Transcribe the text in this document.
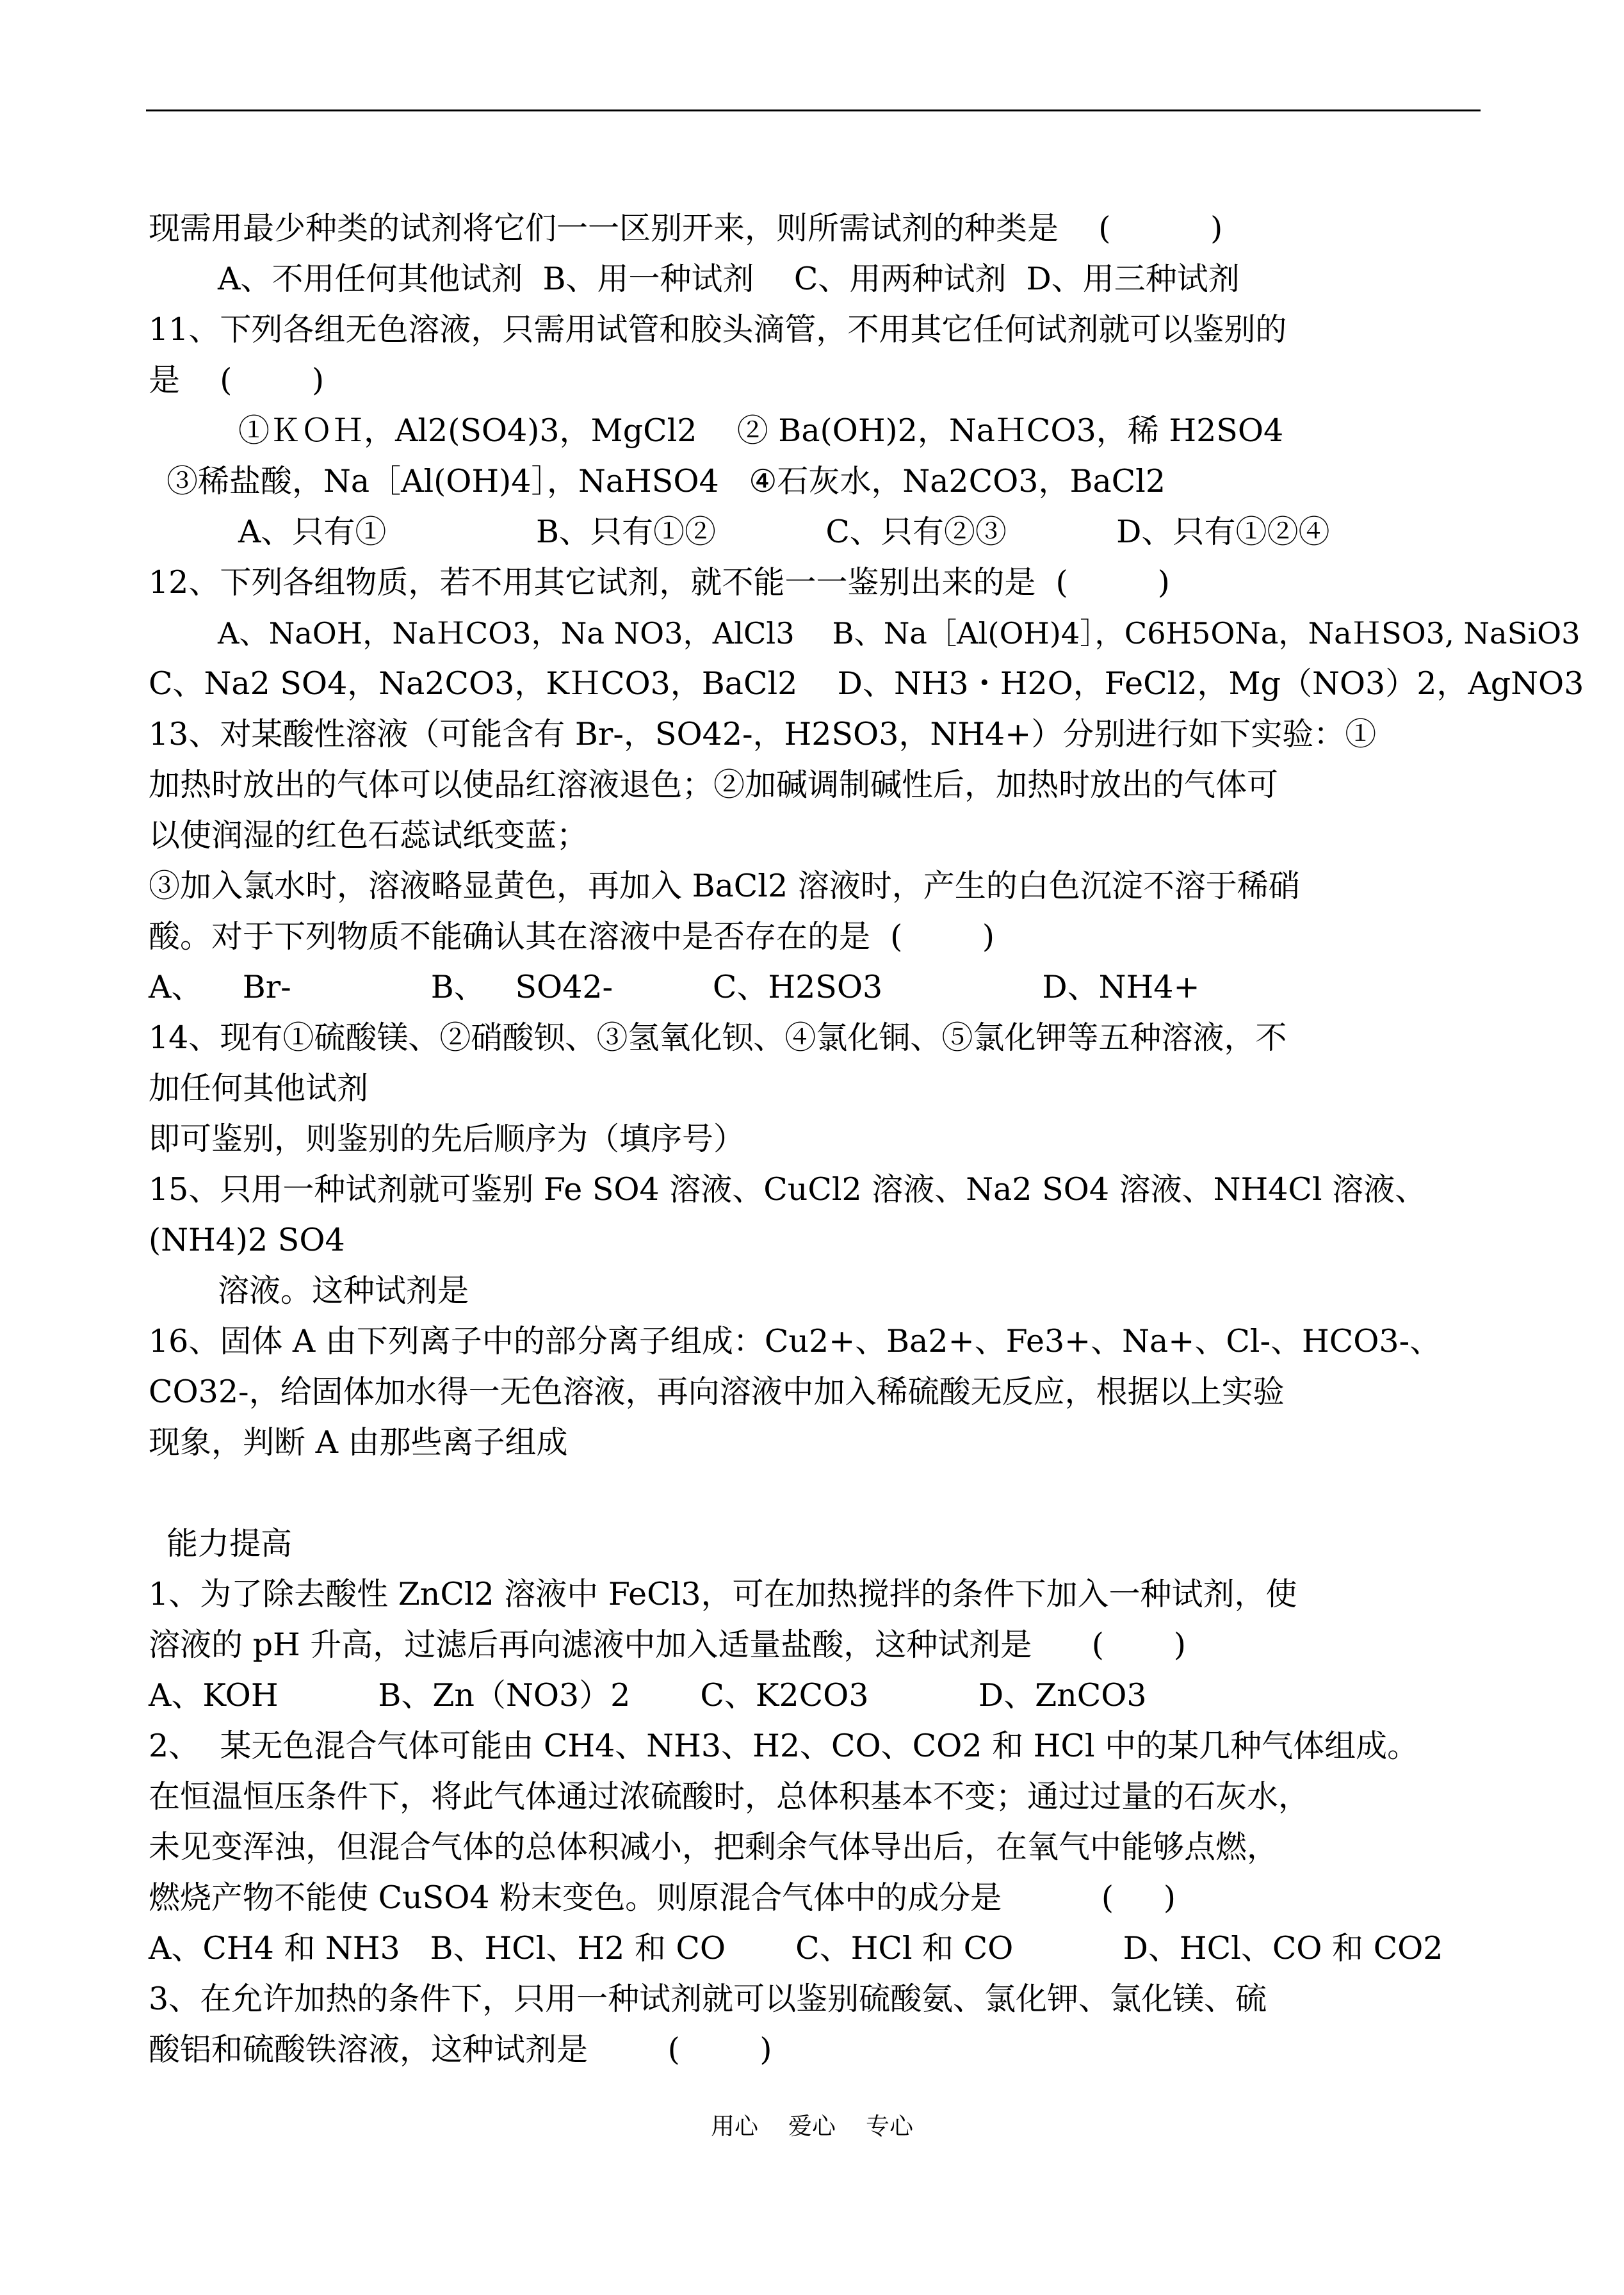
现需用最少种类的试剂将它们一一区别开来，则所需试剂的种类是    (          )
A、不用任何其他试剂  B、用一种试剂    C、用两种试剂  D、用三种试剂
11、下列各组无色溶液，只需用试管和胶头滴管，不用其它任何试剂就可以鉴别的
是    (        )
①ＫＯＨ，Al2(SO4)3，MgCl2    ② Ba(OH)2，NaＨCO3，稀 H2SO4
③稀盐酸，Na［Al(OH)4］，NaHSO4   ④石灰水，Na2CO3，BaCl2
A、只有①               B、只有①②           C、只有②③           D、只有①②④
12、下列各组物质，若不用其它试剂，就不能一一鉴别出来的是  (         )
A、NaOH，NaＨCO3，Na NO3，AlCl3    B、Na［Al(OH)4］，C6H5ONa，NaＨSO3, NaSiO3
C、Na2 SO4，Na2CO3，KＨCO3，BaCl2    D、NH3・H2O，FeCl2，Mg（NO3）2，AgNO3
13、对某酸性溶液（可能含有 Br-，SO42-，H2SO3，NH4+）分别进行如下实验：①
加热时放出的气体可以使品红溶液退色；②加碱调制碱性后，加热时放出的气体可
以使润湿的红色石蕊试纸变蓝；
③加入氯水时，溶液略显黄色，再加入 BaCl2 溶液时，产生的白色沉淀不溶于稀硝
酸。对于下列物质不能确认其在溶液中是否存在的是  (        )
A、    Br-              B、   SO42-          C、H2SO3                D、NH4+
14、现有①硫酸镁、②硝酸钡、③氢氧化钡、④氯化铜、⑤氯化钾等五种溶液，不
加任何其他试剂
即可鉴别，则鉴别的先后顺序为（填序号）
15、只用一种试剂就可鉴别 Fe SO4 溶液、CuCl2 溶液、Na2 SO4 溶液、NH4Cl 溶液、
(NH4)2 SO4
溶液。这种试剂是
16、固体 A 由下列离子中的部分离子组成：Cu2+、Ba2+、Fe3+、Na+、Cl-、HCO3-、
CO32-，给固体加水得一无色溶液，再向溶液中加入稀硫酸无反应，根据以上实验
现象，判断 A 由那些离子组成
能力提高
1、为了除去酸性 ZnCl2 溶液中 FeCl3，可在加热搅拌的条件下加入一种试剂，使
溶液的 pH 升高，过滤后再向滤液中加入适量盐酸，这种试剂是      (       )
A、KOH          B、Zn（NO3）2       C、K2CO3           D、ZnCO3
2、  某无色混合气体可能由 CH4、NH3、H2、CO、CO2 和 HCl 中的某几种气体组成。
在恒温恒压条件下，将此气体通过浓硫酸时，总体积基本不变；通过过量的石灰水，
未见变浑浊，但混合气体的总体积减小，把剩余气体导出后，在氧气中能够点燃，
燃烧产物不能使 CuSO4 粉末变色。则原混合气体中的成分是          (     )
A、CH4 和 NH3   B、HCl、H2 和 CO       C、HCl 和 CO           D、HCl、CO 和 CO2
3、在允许加热的条件下，只用一种试剂就可以鉴别硫酸氨、氯化钾、氯化镁、硫
酸铝和硫酸铁溶液，这种试剂是        (        )
用心    爱心    专心
